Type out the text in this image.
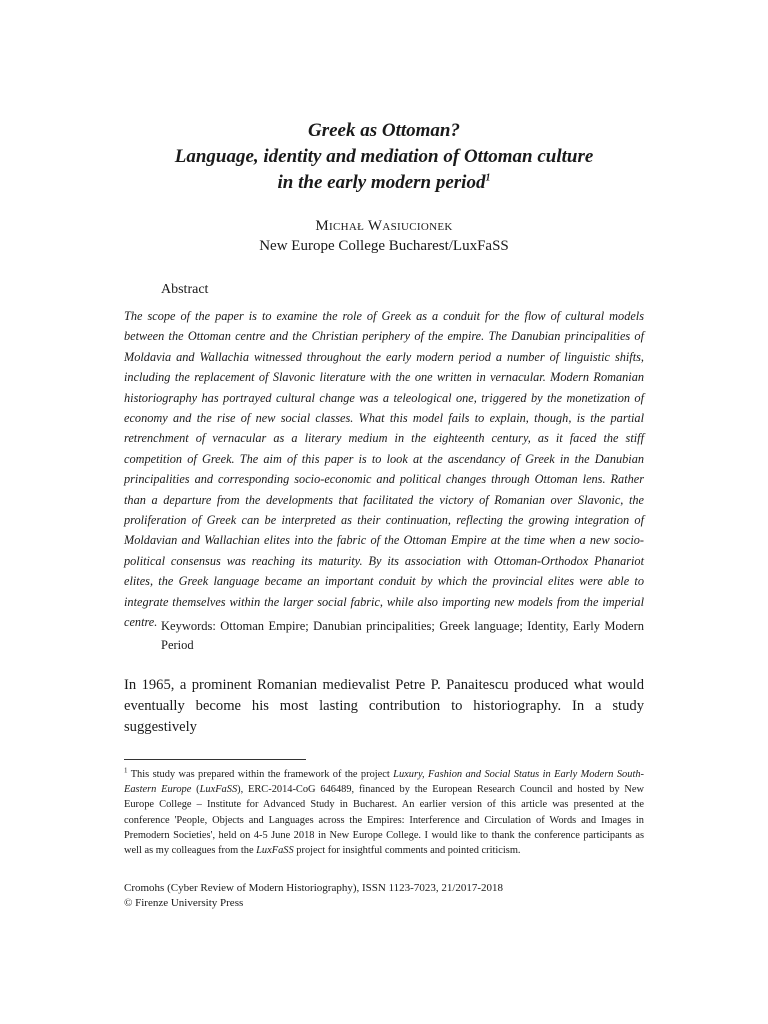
Greek as Ottoman?
Language, identity and mediation of Ottoman culture
in the early modern period$^1$
Michał Wasiucionek
New Europe College Bucharest/LuxFaSS
Abstract

The scope of the paper is to examine the role of Greek as a conduit for the flow of cultural models between the Ottoman centre and the Christian periphery of the empire. The Danubian principalities of Moldavia and Wallachia witnessed throughout the early modern period a number of linguistic shifts, including the replacement of Slavonic literature with the one written in vernacular. Modern Romanian historiography has portrayed cultural change was a teleological one, triggered by the monetization of economy and the rise of new social classes. What this model fails to explain, though, is the partial retrenchment of vernacular as a literary medium in the eighteenth century, as it faced the stiff competition of Greek. The aim of this paper is to look at the ascendancy of Greek in the Danubian principalities and corresponding socio-economic and political changes through Ottoman lens. Rather than a departure from the developments that facilitated the victory of Romanian over Slavonic, the proliferation of Greek can be interpreted as their continuation, reflecting the growing integration of Moldavian and Wallachian elites into the fabric of the Ottoman Empire at the time when a new socio-political consensus was reaching its maturity. By its association with Ottoman-Orthodox Phanariot elites, the Greek language became an important conduit by which the provincial elites were able to integrate themselves within the larger social fabric, while also importing new models from the imperial centre. Keywords: Ottoman Empire; Danubian principalities; Greek language; Identity, Early Modern Period

In 1965, a prominent Romanian medievalist Petre P. Panaitescu produced what would eventually become his most lasting contribution to historiography. In a study suggestively

$^1$ This study was prepared within the framework of the project Luxury, Fashion and Social Status in Early Modern South-Eastern Europe (LuxFaSS), ERC-2014-CoG 646489, financed by the European Research Council and hosted by New Europe College – Institute for Advanced Study in Bucharest. An earlier version of this article was presented at the conference 'People, Objects and Languages across the Empires: Interference and Circulation of Words and Images in Premodern Societies', held on 4-5 June 2018 in New Europe College. I would like to thank the conference participants as well as my colleagues from the LuxFaSS project for insightful comments and pointed criticism.

Cromohs (Cyber Review of Modern Historiography), ISSN 1123-7023, 21/2017-2018
© Firenze University Press
